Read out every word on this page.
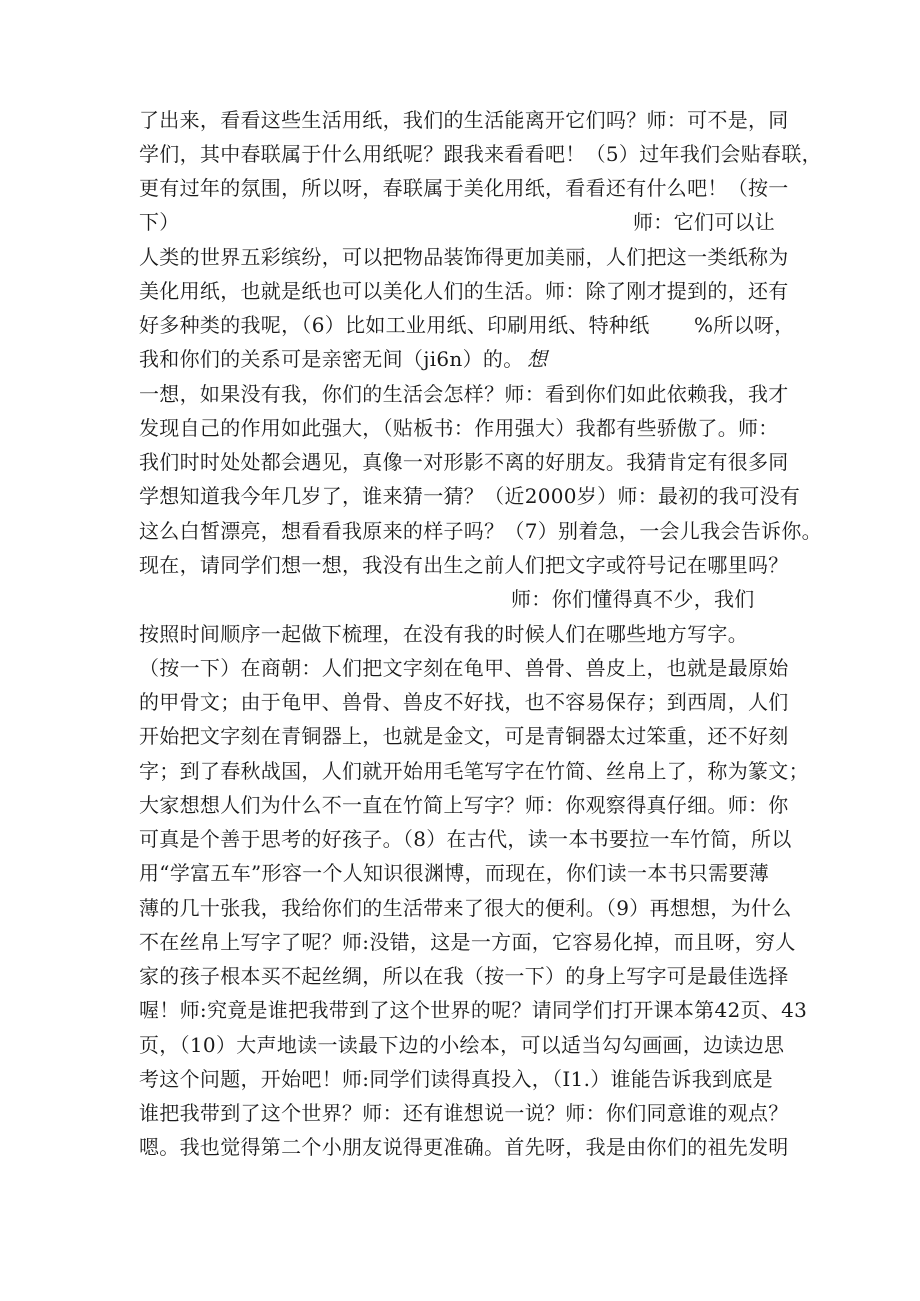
了出来，看看这些生活用纸，我们的生活能离开它们吗？师：可不是，同
学们，其中春联属于什么用纸呢？跟我来看看吧！（5）过年我们会贴春联，
更有过年的氛围，所以呀，春联属于美化用纸，看看还有什么吧！（按一
下）	师：它们可以让
人类的世界五彩缤纷，可以把物品装饰得更加美丽，人们把这一类纸称为
美化用纸，也就是纸也可以美化人们的生活。师：除了刚才提到的，还有
好多种类的我呢，（6）比如工业用纸、印刷用纸、特种纸 %所以呀，
我和你们的关系可是亲密无间（ji6n）的。 想
一想，如果没有我，你们的生活会怎样？师：看到你们如此依赖我，我才
发现自己的作用如此强大，（贴板书：作用强大）我都有些骄傲了。师：
我们时时处处都会遇见，真像一对形影不离的好朋友。我猜肯定有很多同
学想知道我今年几岁了，谁来猜一猜？（近2000岁）师：最初的我可没有
这么白皙漂亮，想看看我原来的样子吗？（7）别着急，一会儿我会告诉你。
现在，请同学们想一想，我没有出生之前人们把文字或符号记在哪里吗？
师：你们懂得真不少，我们
按照时间顺序一起做下梳理，在没有我的时候人们在哪些地方写字。
（按一下）在商朝：人们把文字刻在龟甲、兽骨、兽皮上，也就是最原始
的甲骨文；由于龟甲、兽骨、兽皮不好找，也不容易保存；到西周，人们
开始把文字刻在青铜器上，也就是金文，可是青铜器太过笨重，还不好刻
字；到了春秋战国，人们就开始用毛笔写字在竹简、丝帛上了，称为篆文；
大家想想人们为什么不一直在竹简上写字？师：你观察得真仔细。师：你
可真是个善于思考的好孩子。（8）在古代，读一本书要拉一车竹简，所以
用“学富五车”形容一个人知识很渊博，而现在，你们读一本书只需要薄
薄的几十张我，我给你们的生活带来了很大的便利。（9）再想想，为什么
不在丝帛上写字了呢？师:没错，这是一方面，它容易化掉，而且呀，穷人
家的孩子根本买不起丝绸，所以在我（按一下）的身上写字可是最佳选择
喔！师:究竟是谁把我带到了这个世界的呢？请同学们打开课本第42页、43
页，（10）大声地读一读最下边的小绘本，可以适当勾勾画画，边读边思
考这个问题，开始吧！师:同学们读得真投入，（I1.）谁能告诉我到底是
谁把我带到了这个世界？师：还有谁想说一说？师：你们同意谁的观点？
嗯。我也觉得第二个小朋友说得更准确。首先呀，我是由你们的祖先发明
